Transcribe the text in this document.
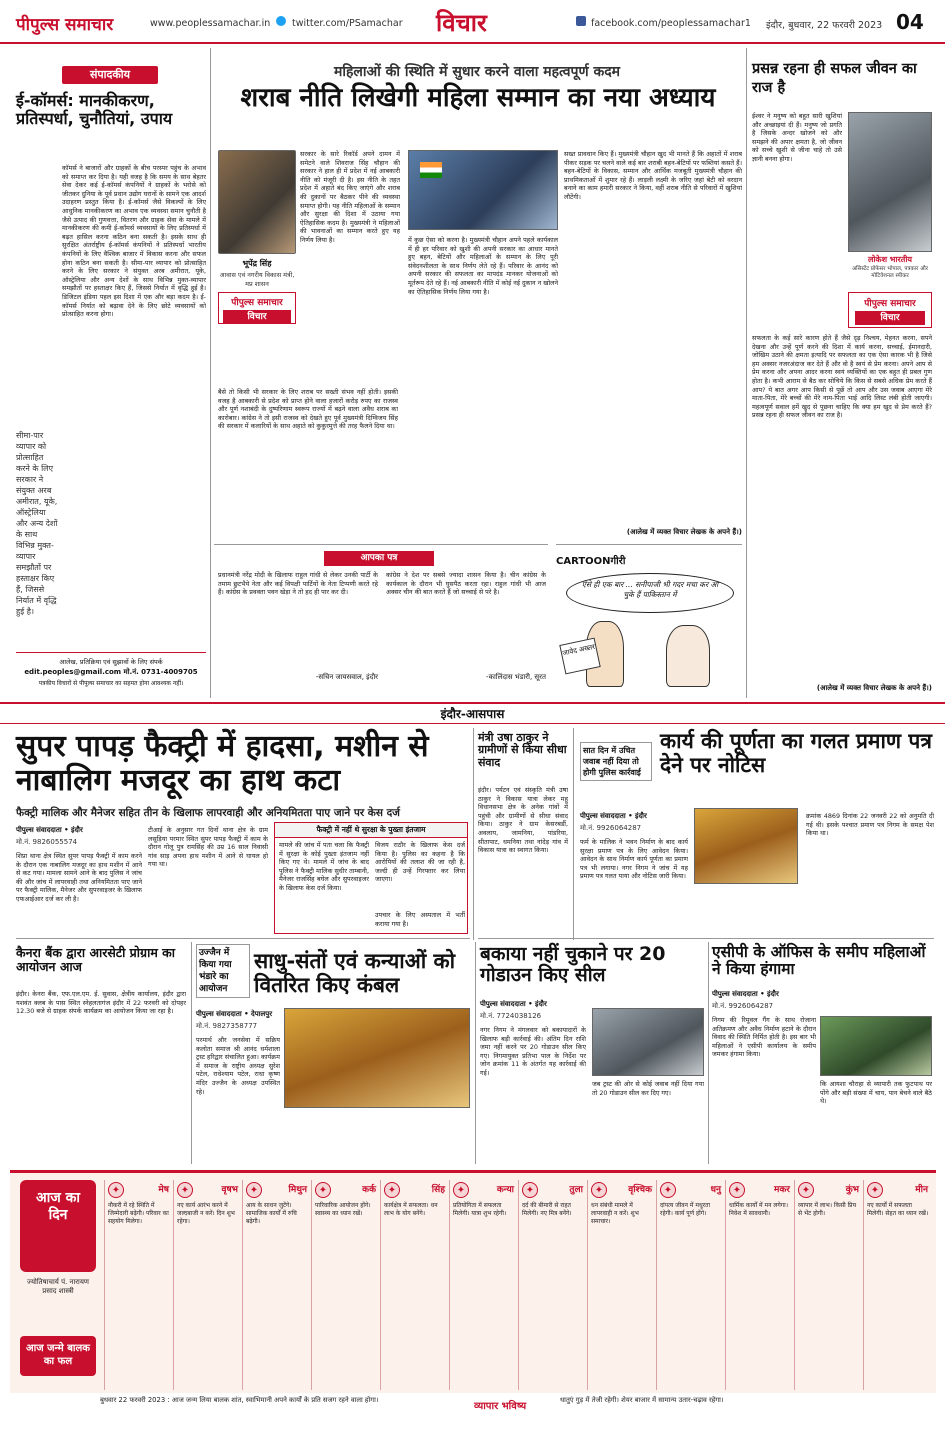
पीपुल्स समाचार	www.peoplessamachar.in twitter.com/PSamachar विचार	facebook.com/peoplessamachar1 इंदौर, बुधवार, 22 फरवरी 2023 04
संपादकीय
ई-कॉमर्स: मानकीकरण, प्रतिस्पर्धा, चुनौतियां, उपाय
कॉमर्स ने बाजारों और ग्राहकों के बीच परस्पर पहुंच के अभाव को समाप्त कर दिया है। यही वजह है कि समय के साथ बेहतर सेवा देकर कई ई-कॉमर्स कंपनियों ने ग्राहकों के भरोसे को जीतकर दुनिया के पूर्व प्रधान उद्योग घरानों के सामने एक आदर्श उदाहरण प्रस्तुत किया है। ई-कॉमर्स जैसे विकल्पों के लिए आधुनिक मानकीकरण का अभाव एक व्यवस्था समान चुनौती है जैसे उत्पाद की गुणवत्ता, वितरण और ग्राहक सेवा के मामले में मानकीकरण की कमी ई-कॉमर्स व्यवसायों के लिए प्रतिस्पर्धा में बढ़त हासिल करना कठिन बना सकती है। इसके साथ ही सुरक्षित अंतर्राष्ट्रीय ई-कॉमर्स कंपनियों ने प्रतिस्पर्धा भारतीय कंपनियों के लिए वैश्विक बाजार में विकास करना और सफल होना कठिन बना सकती है। सीमा-पार व्यापार को प्रोत्साहित करने के लिए सरकार ने संयुक्त अरब अमीरात, यूके, ऑस्ट्रेलिया और अन्य देशों के साथ विभिन्न मुक्त-व्यापार समझौतों पर हस्ताक्षर किए हैं, जिससे निर्यात में वृद्धि हुई है। डिजिटल इंडिया पहल इस दिशा में एक और बड़ा कदम है। ई-कॉमर्स निर्यात को बढ़ावा देने के लिए छोटे व्यवसायों को प्रोत्साहित करना होगा।
सीमा-पार व्यापार को प्रोत्साहित करने के लिए सरकार ने संयुक्त अरब अमीरात, यूके, ऑस्ट्रेलिया और अन्य देशों के साथ विभिन्न मुक्त-व्यापार समझौतों पर हस्ताक्षर किए हैं, जिससे निर्यात में वृद्धि हुई है।
आलेख, प्रतिक्रिया एवं सुझावों के लिए संपर्क
edit.peoples@gmail.com मो.नं. 0731-4009705
पत्रकीय विचारों से पीपुल्स समाचार का सहमत होना आवश्यक नहीं।
महिलाओं की स्थिति में सुधार करने वाला महत्वपूर्ण कदम
शराब नीति लिखेगी महिला सम्मान का नया अध्याय
भूपेंद्र सिंह
आवास एवं नगरीय विकास मंत्री, मप्र शासन
पीपुल्स समाचार
विचार
सरकार के सारे रिकॉर्ड अपने दामन में समेटने वाले शिवराज सिंह चौहान की सरकार ने हाल ही में प्रदेश में नई आबकारी नीति को मंजूरी दी है। इस नीति के तहत प्रदेश में अहाते बंद किए जाएंगे और शराब की दुकानों पर बैठकर पीने की व्यवस्था समाप्त होगी। यह नीति महिलाओं के सम्मान और सुरक्षा की दिशा में उठाया गया ऐतिहासिक कदम है। मुख्यमंत्री ने महिलाओं की भावनाओं का सम्मान करते हुए यह निर्णय लिया है।
बैसे तो किसी भी सरकार के लिए शराब पर सख्ती संभव नहीं होती। इसकी वजह है आबकारी से प्रदेश को प्राप्त होने वाला हजारों करोड़ रुपए का राजस्व और पूर्ण नशाबंदी के दुष्परिणाम स्वरूप राज्यों में बढ़ने वाला अवैध शराब का कारोबार। कांग्रेस ने तो इसी राजस्व को देखते हुए पूर्व मुख्यमंत्री दिग्विजय सिंह की सरकार में कलारियों के साथ अहाते को कुकुरमुत्ते की तरह फैलने दिया था।
में कुछ ऐसा को करना है। मुख्यमंत्री चौहान अपने पहले कार्यकाल में ही हर परिवार को खुशी की अपनी सरकार का आधार मानते हुए बहन, बेटियों और महिलाओं के सम्मान के लिए पूरी संवेदनशीलता के साथ निर्णय लेते रहे हैं। परिवार के आनंद को अपनी सरकार की सफलता का मापदंड मानकर योजनाओं को मूर्तरूप देते रहे हैं। नई आबकारी नीति में कोई नई दुकान न खोलने का ऐतिहासिक निर्णय लिया गया है।
सख्त प्रावधान किए हैं। मुख्यमंत्री चौहान खुद भी मानते हैं कि अहातों में शराब पीकर सड़क पर चलने वाले कई बार शराबी बहन-बेटियों पर फब्तियां कसते हैं। बहन-बेटियों के विकास, सम्मान और आर्थिक मजबूती मुख्यमंत्री चौहान की प्राथमिकताओं में शुमार रहे हैं। लाड़ली लक्ष्मी के जरिए जहां बेटी को वरदान बनाने का काम हमारी सरकार ने किया, वहीं शराब नीति से परिवारों में खुशियां लौटेंगी।
(आलेख में व्यक्त विचार लेखक के अपने हैं।)
प्रसन्न रहना ही सफल जीवन का राज है
ईश्वर ने मनुष्य को बहुत सारी खुशियां और अच्छाइयां दी हैं। मनुष्य जो प्रगति है जिसके अन्दर खोजने को और समझने की अपार क्षमता है, जो जीवन को सच्चे खुशी से जीना चाहे तो उसे ज्ञानी बनना होगा।
लोकेश भारतीय
असिस्टेंट प्रोफेसर भोपाल, पत्रकार और मोटिवेशनल स्पीकर
पीपुल्स समाचार
विचार
सफलता के कई सारे कारण होते हैं जैसे दृढ़ निश्चय, मेहनत करना, सपने देखना और उन्हें पूर्ण करने की दिशा में कार्य करना, सच्चाई, ईमानदारी, जोखिम उठाने की क्षमता इत्यादि पर सफलता का एक ऐसा कारक भी है जिसे हम अक्सर नजरअंदाज कर देते हैं और वो है स्वयं से प्रेम करना। अपने आप से प्रेम करना और अपना आदर करना स्वयं व्यक्तियों का एक बहुत ही प्रबल गुण होता है। कभी आराम से बैठ कर सोचिये कि किस से सबसे अधिक प्रेम करते हैं आप? ये बात अगर आप किसी से पूछें तो आप और उस जवाब आएगा मेरे माता-पिता, मेरे बच्चों की मेरे नाम-पिता भाई आदि लिस्ट लंबी होती जाएगी। महत्वपूर्ण सवाल हमें खुद से पूछना चाहिए कि क्या हम खुद से प्रेम करते हैं? प्रसन्न रहना ही सफल जीवन का राज है।
(आलेख में व्यक्त विचार लेखक के अपने हैं।)
आपका पत्र
प्रधानमंत्री नरेंद्र मोदी के खिलाफ राहुल गांधी से लेकर उनकी पार्टी के तमाम छुटभैये नेता और कई विपक्षी पार्टियों के नेता टिप्पणी करते रहे हैं। कांग्रेस के प्रवक्ता पवन खेड़ा ने तो हद ही पार कर दी।
-सचिन जायसवाल, इंदौर
कांग्रेस ने देश पर सबसे ज्यादा शासन किया है। चीन कांग्रेस के कार्यकाल के दौरान भी घुसपैठ करता रहा। राहुल गांधी भी आज अक्सर चीन की बात करते हैं जो सच्चाई से परे है।
-कालिंदास भंडारी, सूरत
CARTOONगीरी
ऐसे ही एक बार ... सनीपाजी भी गदर मचा कर आ चुके हैं पाकिस्तान में
जावेद अख्तर
इंदौर-आसपास
सुपर पापड़ फैक्ट्री में हादसा, मशीन से नाबालिग मजदूर का हाथ कटा
फैक्ट्री मालिक और मैनेजर सहित तीन के खिलाफ लापरवाही और अनियमितता पाए जाने पर केस दर्ज
पीपुल्स संवाददाता • इंदौर
मो.नं. 9826055574
शिप्रा थाना क्षेत्र स्थित सुपर पापड़ फैक्ट्री में काम करने के दौरान एक नाबालिग मजदूर का हाथ मशीन में आने से कट गया। मामला सामने आने के बाद पुलिस ने जांच की और जांच में लापरवाही तथा अनियमितता पाए जाने पर फैक्ट्री मालिक, मैनेजर और सुपरवाइजर के खिलाफ एफआईआर दर्ज कर ली है।
टीआई के अनुसार गत दिनों थाना क्षेत्र के ग्राम लसूड़िया परमार स्थित सुपर पापड़ फैक्ट्री में काम के दौरान गोलू पुत्र रामसिंह की उम्र 16 साल निवासी गांव साड़ अपना हाथ मशीन में आने से घायल हो गया था।
फैक्ट्री में नहीं थे सुरक्षा के पुख्ता इंतजाम
मामले की जांच में पता चला कि फैक्ट्री में सुरक्षा के कोई पुख्ता इंतजाम नहीं किए गए थे। मामले में जांच के बाद पुलिस ने फैक्ट्री मालिक सुधीर ताम्बानी, मैनेजर राजसिंह बघेल और सुपरवाइजर के खिलाफ केस दर्ज किया।
विजय राठौर के खिलाफ केस दर्ज किया है। पुलिस का कहना है कि आरोपियों की तलाश की जा रही है, जल्दी ही उन्हें गिरफ्तार कर लिया जाएगा।
उपचार के लिए अस्पताल में भर्ती कराया गया है।
मंत्री उषा ठाकुर ने ग्रामीणों से किया सीधा संवाद
इंदौर। पर्यटन एवं संस्कृति मंत्री उषा ठाकुर ने विकास यात्रा लेकर महू विधानसभा क्षेत्र के अनेक गांवों में पहुंची और ग्रामीणों से सीधा संवाद किया। ठाकुर ने ग्राम केसरबर्डी, अवलाय, जामनिया, पांडरिया, सीतापाट, धमनिया तथा नांदेड़ गांव में विकास यात्रा का स्वागत किया।
सात दिन में उचित जवाब नहीं दिया तो होगी पुलिस कार्रवाई
कार्य की पूर्णता का गलत प्रमाण पत्र देने पर नोटिस
पीपुल्स संवाददाता • इंदौर
मो.नं. 9926064287
फर्म के मालिक ने भवन निर्माण के बाद कार्य सुरक्षा प्रमाण पत्र के लिए आवेदन किया। आवेदन के साथ निर्माण कार्य पूर्णता का प्रमाण पत्र भी लगाया। नगर निगम ने जांच में यह प्रमाण पत्र गलत पाया और नोटिस जारी किया।
क्रमांक 4869 दिनांक 22 जनवरी 22 को अनुमति दी गई थी। इसके पश्चात प्रमाण पत्र निगम के समक्ष पेश किया था।
कैनरा बैंक द्वारा आरसेटी प्रोग्राम का आयोजन आज
इंदौर। केनरा बैंक, एफ.एल.एम. ई. सुवास, क्षेत्रीय कार्यालय, इंदौर द्वारा यशवंत क्लब के पास स्थित स्नेहलतागंज इंदौर में 22 फरवरी को दोपहर 12.30 बजे से ग्राहक संपर्क कार्यक्रम का आयोजन किया जा रहा है।
उज्जैन में किया गया भंडारे का आयोजन
साधु-संतों एवं कन्याओं को वितरित किए कंबल
पीपुल्स संवाददाता • देपालपुर
मो.नं. 9827358777
परमार्थ और जनसेवा में सक्रिय कलोता समाज श्री आनंद धर्मशाला ट्रस्ट हरिद्वार संचालित हुआ। कार्यक्रम में समाज के राष्ट्रीय अध्यक्ष सुरेश पटेल, राधेश्याम पटेल, राधा कृष्ण मंदिर उज्जैन के अध्यक्ष उपस्थित रहे।
बकाया नहीं चुकाने पर 20 गोडाउन किए सील
पीपुल्स संवाददाता • इंदौर
मो.नं. 7724038126
नगर निगम ने मंगलवार को बकायादारों के खिलाफ बड़ी कार्रवाई की। अंतिम दिन राशि जमा नहीं करने पर 20 गोडाउन सील किए गए। निगमायुक्त प्रतिभा पाल के निर्देश पर जोन क्रमांक 11 के अंतर्गत यह कार्रवाई की गई।
जब ट्रस्ट की ओर से कोई जवाब नहीं दिया गया तो 20 गोडाउन सील कर दिए गए।
एसीपी के ऑफिस के समीप महिलाओं ने किया हंगामा
पीपुल्स संवाददाता • इंदौर
मो.नं. 9926064287
निगम की रिमूवल गैंग के साथ रोजाना अतिक्रमण और अवैध निर्माण हटाने के दौरान विवाद की स्थिति निर्मित होती है। इस बार भी महिलाओं ने एसीपी कार्यालय के समीप जमकर हंगामा किया।
कि आयशा चौराहा से व्यापारी तक फुटपाथ पर पोंगे और बड़ी संख्या में चाय, पान बेचने वाले बैठे थे।
आज का दिन
ज्योतिषाचार्य पं. नारायण प्रसाद शास्त्री
आज जन्मे बालक का फल
✦	मेष
नौकरी में रहे स्थिति में जिम्मेदारी बढ़ेगी। परिवार का सहयोग मिलेगा।
✦	वृषभ
नए कार्य आरंभ करने में जल्दबाजी न करें। दिन शुभ रहेगा।
✦	मिथुन
आय के साधन जुटेंगे। सामाजिक कार्यों में रुचि बढ़ेगी।
✦	कर्क
पारिवारिक आयोजन होंगे। स्वास्थ्य का ध्यान रखें।
✦	सिंह
कार्यक्षेत्र में सफलता। धन लाभ के योग बनेंगे।
✦	कन्या
प्रतियोगिता में सफलता मिलेगी। यात्रा शुभ रहेगी।
✦	तुला
दर्द की बीमारी से राहत मिलेगी। नए मित्र बनेंगे।
✦	वृश्चिक
धन संबंधी मामले में लापरवाही न करें। शुभ समाचार।
✦	धनु
दांपत्य जीवन में मधुरता रहेगी। कार्य पूर्ण होंगे।
✦	मकर
धार्मिक कार्यों में मन लगेगा। निवेश में सावधानी।
✦	कुंभ
व्यापार में लाभ। किसी प्रिय से भेंट होगी।
✦	मीन
नए कार्यों में सफलता मिलेगी। सेहत का ध्यान रखें।
बुधवार 22 फरवरी 2023 : आज जन्म लिया बालक शांत, स्वाभिमानी अपने कार्यों के प्रति सजग रहने वाला होगा।
व्यापार भविष्य
धातुएं गुड़ में तेजी रहेगी। शेयर बाजार में सामान्य उतार-चढ़ाव रहेगा।
